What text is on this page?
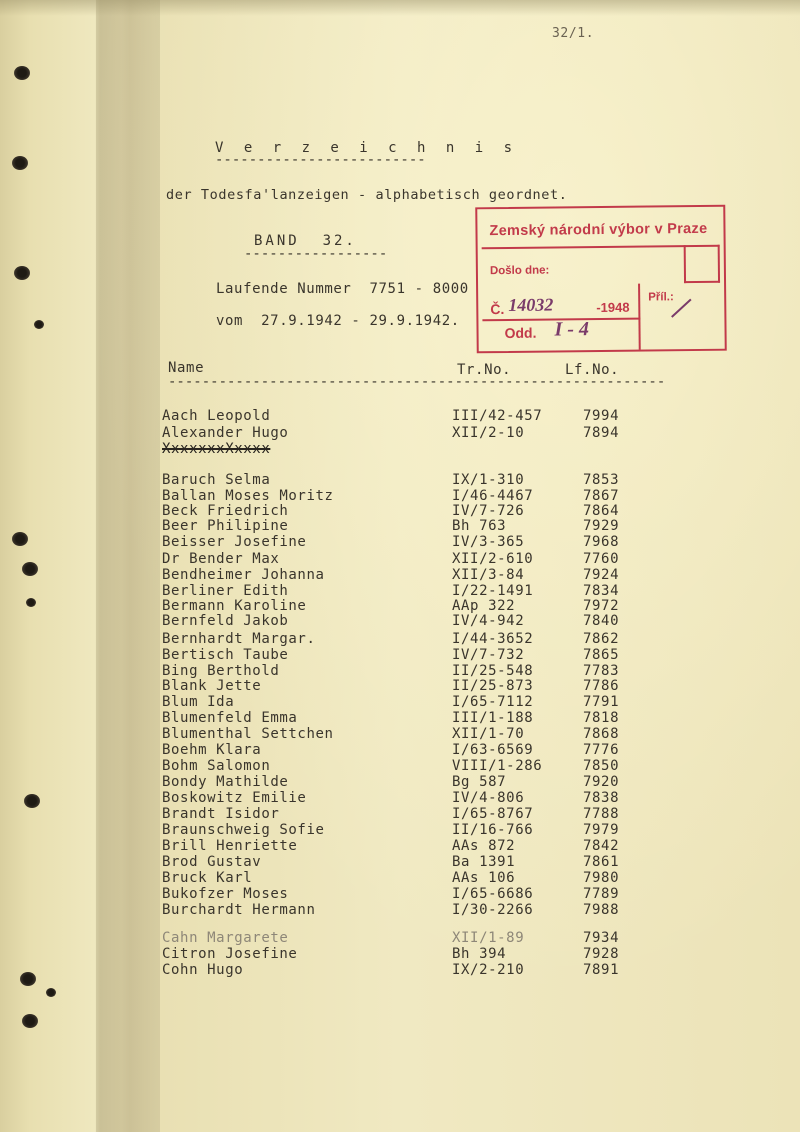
32/1.
V e r z e i c h n i s
-------------------------
der Todesfa'lanzeigen - alphabetisch geordnet.
BAND  32.
-----------------
Laufende Nummer  7751 - 8000
vom  27.9.1942 - 29.9.1942.
Name	Tr.No.	Lf.No.
-----------------------------------------------------------
Aach Leopold	III/42-457	7994
Alexander Hugo	XII/2-10	7894
XxxxxxxXxxxx
Baruch Selma	IX/1-310	7853
Ballan Moses Moritz	I/46-4467	7867
Beck Friedrich	IV/7-726	7864
Beer Philipine	Bh 763	7929
Beisser Josefine	IV/3-365	7968
Dr Bender Max	XII/2-610	7760
Bendheimer Johanna	XII/3-84	7924
Berliner Edith	I/22-1491	7834
Bermann Karoline	AAp 322	7972
Bernfeld Jakob	IV/4-942	7840
Bernhardt Margar.	I/44-3652	7862
Bertisch Taube	IV/7-732	7865
Bing Berthold	II/25-548	7783
Blank Jette	II/25-873	7786
Blum Ida	I/65-7112	7791
Blumenfeld Emma	III/1-188	7818
Blumenthal Settchen	XII/1-70	7868
Boehm Klara	I/63-6569	7776
Bohm Salomon	VIII/1-286	7850
Bondy Mathilde	Bg 587	7920
Boskowitz Emilie	IV/4-806	7838
Brandt Isidor	I/65-8767	7788
Braunschweig Sofie	II/16-766	7979
Brill Henriette	AAs 872	7842
Brod Gustav	Ba 1391	7861
Bruck Karl	AAs 106	7980
Bukofzer Moses	I/65-6686	7789
Burchardt Hermann	I/30-2266	7988
Cahn Margarete	XII/1-89	7934
Citron Josefine	Bh 394	7928
Cohn Hugo	IX/2-210	7891
Zemský národní výbor v Praze
Došlo dne:
Č. 14032	-1948
Odd. I - 4
Příl.:
